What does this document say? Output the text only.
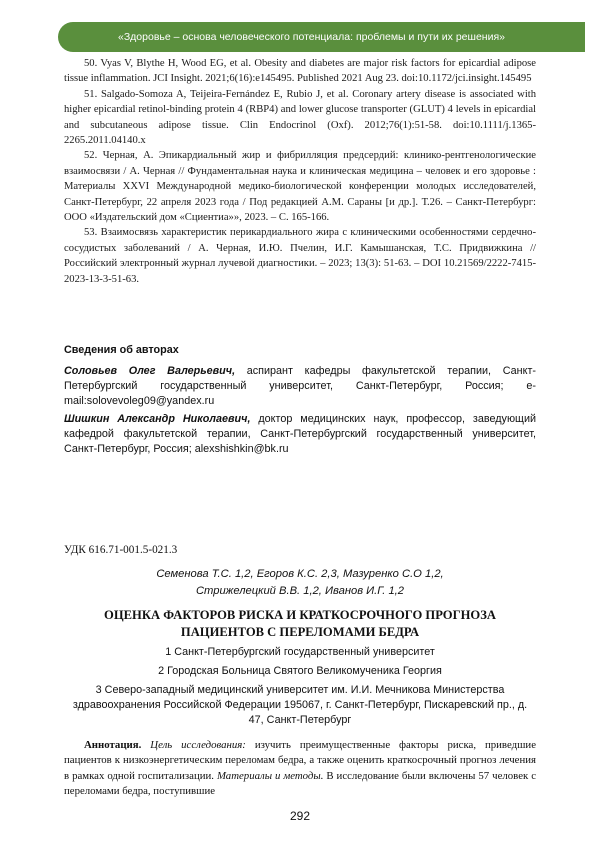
«Здоровье – основа человеческого потенциала: проблемы и пути их решения»

50. Vyas V, Blythe H, Wood EG, et al. Obesity and diabetes are major risk factors for epicardial adipose tissue inflammation. JCI Insight. 2021;6(16):e145495. Published 2021 Aug 23. doi:10.1172/jci.insight.145495

51. Salgado-Somoza A, Teijeira-Fernández E, Rubio J, et al. Coronary artery disease is associated with higher epicardial retinol-binding protein 4 (RBP4) and lower glucose transporter (GLUT) 4 levels in epicardial and subcutaneous adipose tissue. Clin Endocrinol (Oxf). 2012;76(1):51-58. doi:10.1111/j.1365-2265.2011.04140.x

52. Черная, А. Эпикардиальный жир и фибрилляция предсердий: клинико-рентгенологические взаимосвязи / А. Черная // Фундаментальная наука и клиническая медицина – человек и его здоровье : Материалы XXVI Международной медико-биологической конференции молодых исследователей, Санкт-Петербург, 22 апреля 2023 года / Под редакцией А.М. Сараны [и др.]. Т.26. – Санкт-Петербург: ООО «Издательский дом «Сциентиа»», 2023. – С. 165-166.

53. Взаимосвязь характеристик перикардиального жира с клиническими особенностями сердечно-сосудистых заболеваний / А. Черная, И.Ю. Пчелин, И.Г. Камышанская, Т.С. Придвижкина // Российский электронный журнал лучевой диагностики. – 2023; 13(3): 51-63. – DOI 10.21569/2222-7415-2023-13-3-51-63.

Сведения об авторах
Соловьев Олег Валерьевич, аспирант кафедры факультетской терапии, Санкт-Петербургский государственный университет, Санкт-Петербург, Россия; e-mail:solovevoleg09@yandex.ru
Шишкин Александр Николаевич, доктор медицинских наук, профессор, заведующий кафедрой факультетской терапии, Санкт-Петербургский государственный университет, Санкт-Петербург, Россия; alexshishkin@bk.ru
УДК 616.71-001.5-021.3
Семенова Т.С. 1,2, Егоров К.С. 2,3, Мазуренко С.О 1,2,
Стрижелецкий В.В. 1,2, Иванов И.Г. 1,2
ОЦЕНКА ФАКТОРОВ РИСКА И КРАТКОСРОЧНОГО ПРОГНОЗА ПАЦИЕНТОВ С ПЕРЕЛОМАМИ БЕДРА
1 Санкт-Петербургский государственный университет
2 Городская Больница Святого Великомученика Георгия
3 Северо-западный медицинский университет им. И.И. Мечникова Министерства здравоохранения Российской Федерации 195067, г. Санкт-Петербург, Пискаревский пр., д. 47, Санкт-Петербург
Аннотация. Цель исследования: изучить преимущественные факторы риска, приведшие пациентов к низкоэнергетическим переломам бедра, а также оценить краткосрочный прогноз лечения в рамках одной госпитализации. Материалы и методы. В исследование были включены 57 человек с переломами бедра, поступившие
292
